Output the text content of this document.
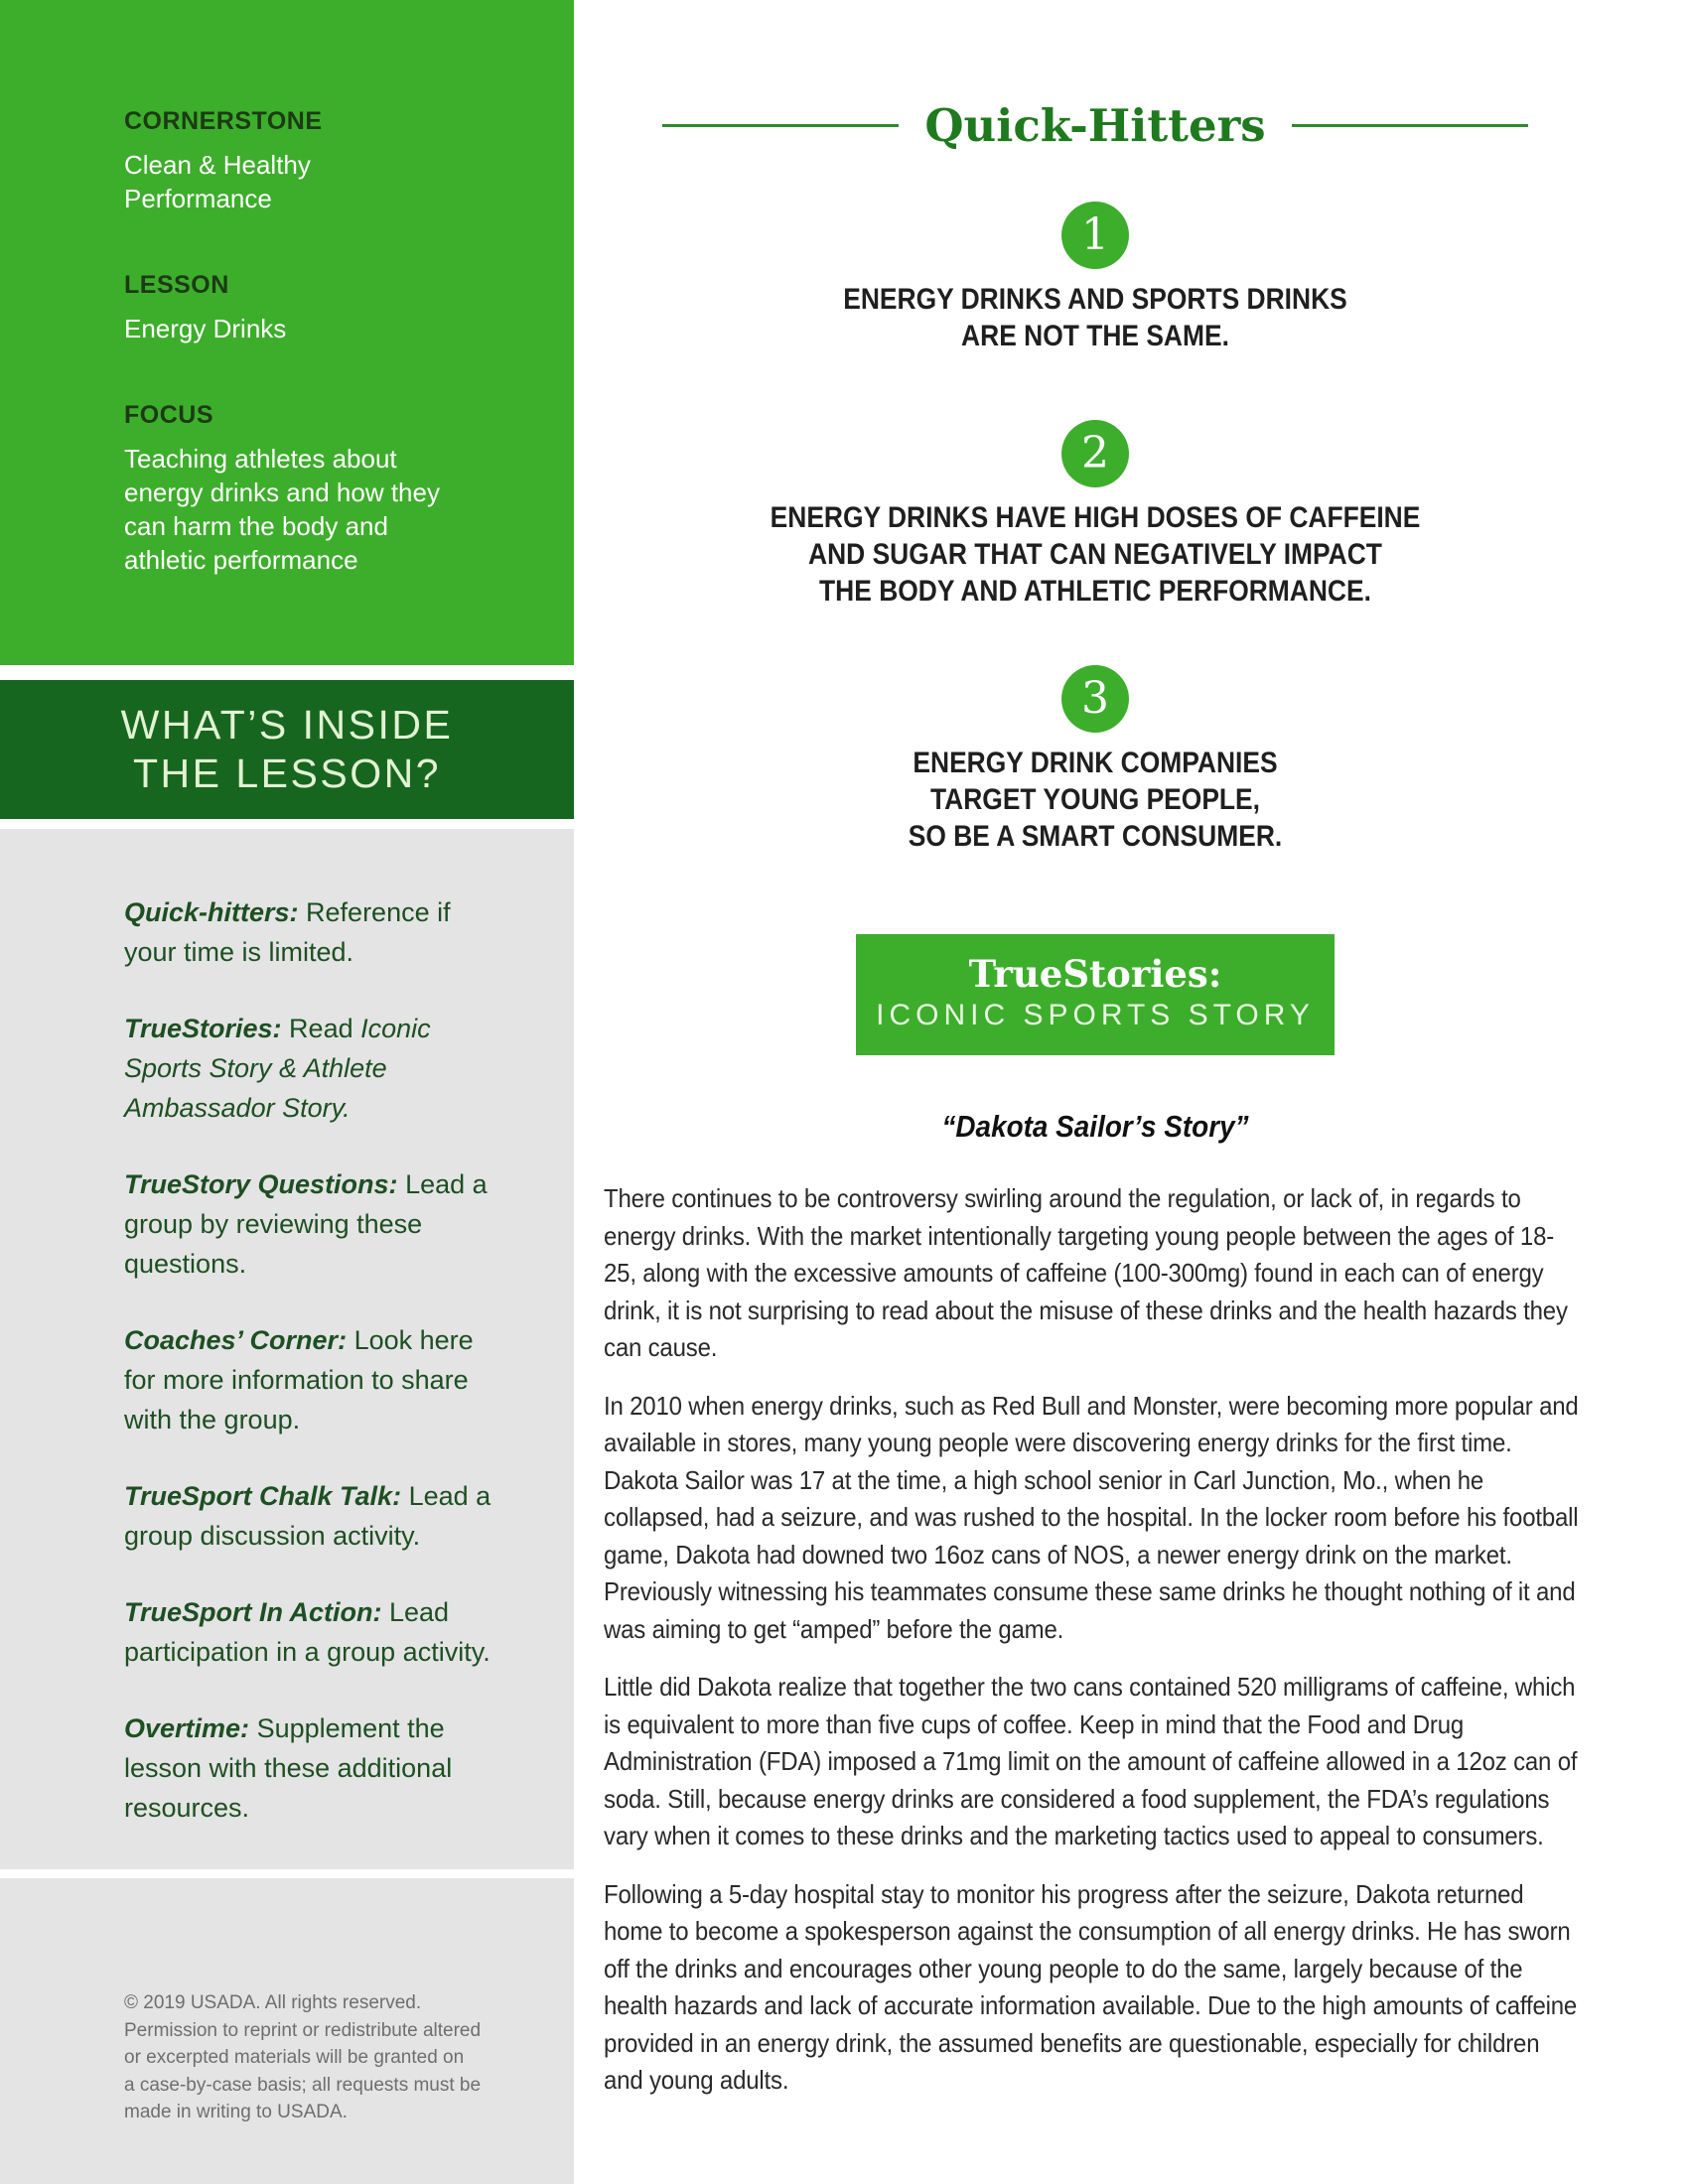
CORNERSTONE
Clean & Healthy
Performance
LESSON
Energy Drinks
FOCUS
Teaching athletes about
energy drinks and how they
can harm the body and
athletic performance
WHAT’S INSIDE
THE LESSON?

Quick-hitters: Reference if your time is limited.

TrueStories: Read Iconic Sports Story & Athlete Ambassador Story.

TrueStory Questions: Lead a group by reviewing these questions.

Coaches’ Corner: Look here for more information to share with the group.

TrueSport Chalk Talk: Lead a group discussion activity.

TrueSport In Action: Lead participation in a group activity.

Overtime: Supplement the lesson with these additional resources.

© 2019 USADA. All rights reserved.
Permission to reprint or redistribute altered
or excerpted materials will be granted on
a case-by-case basis; all requests must be
made in writing to USADA.
Quick-Hitters
1
ENERGY DRINKS AND SPORTS DRINKS
ARE NOT THE SAME.
2
ENERGY DRINKS HAVE HIGH DOSES OF CAFFEINE
AND SUGAR THAT CAN NEGATIVELY IMPACT
THE BODY AND ATHLETIC PERFORMANCE.
3
ENERGY DRINK COMPANIES
TARGET YOUNG PEOPLE,
SO BE A SMART CONSUMER.
TrueStories:
ICONIC SPORTS STORY
“Dakota Sailor’s Story”

There continues to be controversy swirling around the regulation, or lack of, in regards to energy drinks. With the market intentionally targeting young people between the ages of 18-25, along with the excessive amounts of caffeine (100-300mg) found in each can of energy drink, it is not surprising to read about the misuse of these drinks and the health hazards they can cause.

In 2010 when energy drinks, such as Red Bull and Monster, were becoming more popular and available in stores, many young people were discovering energy drinks for the first time. Dakota Sailor was 17 at the time, a high school senior in Carl Junction, Mo., when he collapsed, had a seizure, and was rushed to the hospital. In the locker room before his football game, Dakota had downed two 16oz cans of NOS, a newer energy drink on the market. Previously witnessing his teammates consume these same drinks he thought nothing of it and was aiming to get “amped” before the game.

Little did Dakota realize that together the two cans contained 520 milligrams of caffeine, which is equivalent to more than five cups of coffee. Keep in mind that the Food and Drug Administration (FDA) imposed a 71mg limit on the amount of caffeine allowed in a 12oz can of soda. Still, because energy drinks are considered a food supplement, the FDA’s regulations vary when it comes to these drinks and the marketing tactics used to appeal to consumers.

Following a 5-day hospital stay to monitor his progress after the seizure, Dakota returned home to become a spokesperson against the consumption of all energy drinks. He has sworn off the drinks and encourages other young people to do the same, largely because of the health hazards and lack of accurate information available. Due to the high amounts of caffeine provided in an energy drink, the assumed benefits are questionable, especially for children and young adults.
